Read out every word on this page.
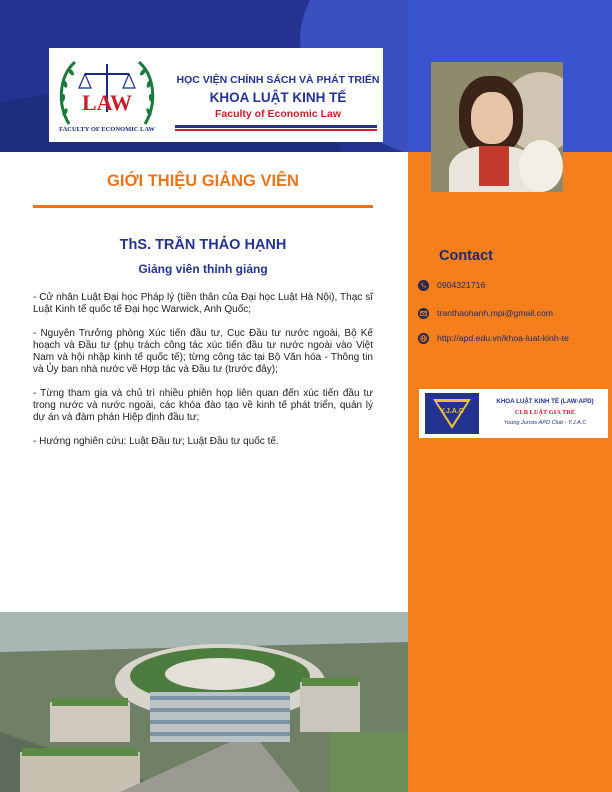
LAW
FACULTY OF ECONOMIC LAW
HỌC VIỆN CHÍNH SÁCH VÀ PHÁT TRIỂN
KHOA LUẬT KINH TẾ
Faculty of Economic Law
GIỚI THIỆU GIẢNG VIÊN
ThS. TRẦN THẢO HẠNH
Giảng viên thỉnh giảng

- Cử nhân Luật Đại học Pháp lý (tiền thân của Đại học Luật Hà Nội), Thạc sĩ Luật Kinh tế quốc tế Đại học Warwick, Anh Quốc;

- Nguyên Trưởng phòng Xúc tiến đầu tư, Cục Đầu tư nước ngoài, Bộ Kế hoạch và Đầu tư (phụ trách công tác xúc tiến đầu tư nước ngoài vào Việt Nam và hội nhập kinh tế quốc tế); từng công tác tại Bộ Văn hóa - Thông tin và Ủy ban nhà nước về Hợp tác và Đầu tư (trước đây);

- Từng tham gia và chủ trì nhiều phiên họp liên quan đến xúc tiến đầu tư trong nước và nước ngoài, các khóa đào tạo về kinh tế phát triển, quản lý dự án và đàm phán Hiệp định đầu tư;

- Hướng nghiên cứu: Luật Đầu tư; Luật Đầu tư quốc tế.

Contact
0904321716
tranthaohanh.mpi@gmail.com
http://apd.edu.vn/khoa-luat-kinh-te
Y.J.A.C
KHOA LUẬT KINH TẾ (LAW-APD)
CLB LUẬT GIA TRẺ
Young Jurists APD Club - Y.J.A.C
